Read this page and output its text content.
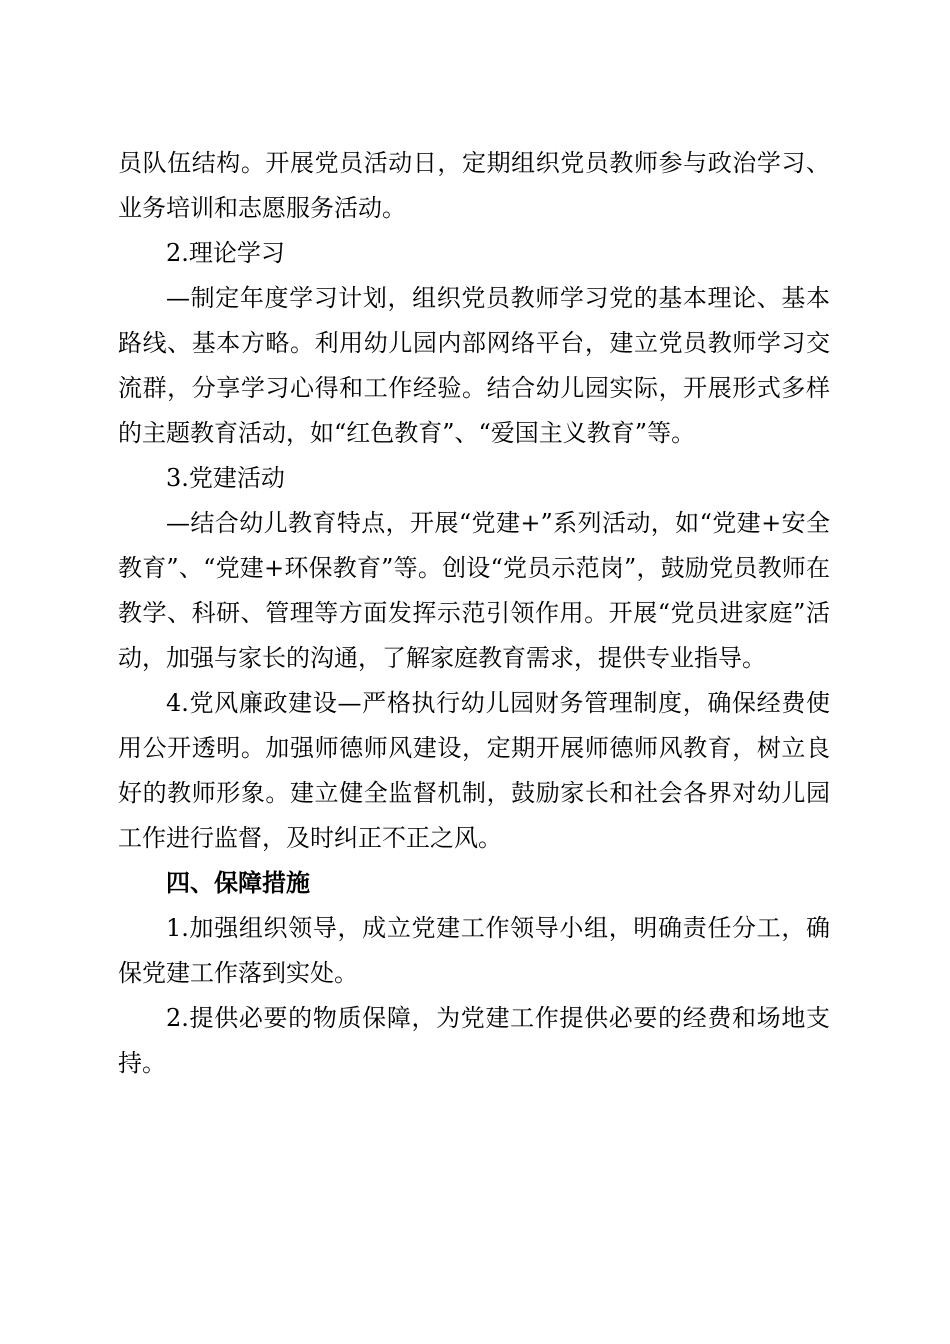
员队伍结构。开展党员活动日，定期组织党员教师参与政治学习、业务培训和志愿服务活动。

2.理论学习

—制定年度学习计划，组织党员教师学习党的基本理论、基本路线、基本方略。利用幼儿园内部网络平台，建立党员教师学习交流群，分享学习心得和工作经验。结合幼儿园实际，开展形式多样的主题教育活动，如“红色教育”、“爱国主义教育”等。

3.党建活动

—结合幼儿教育特点，开展“党建+”系列活动，如“党建+安全教育”、“党建+环保教育”等。创设“党员示范岗”，鼓励党员教师在教学、科研、管理等方面发挥示范引领作用。开展“党员进家庭”活动，加强与家长的沟通，了解家庭教育需求，提供专业指导。

4.党风廉政建设—严格执行幼儿园财务管理制度，确保经费使用公开透明。加强师德师风建设，定期开展师德师风教育，树立良好的教师形象。建立健全监督机制，鼓励家长和社会各界对幼儿园工作进行监督，及时纠正不正之风。

四、保障措施

1.加强组织领导，成立党建工作领导小组，明确责任分工，确保党建工作落到实处。

2.提供必要的物质保障，为党建工作提供必要的经费和场地支持。
